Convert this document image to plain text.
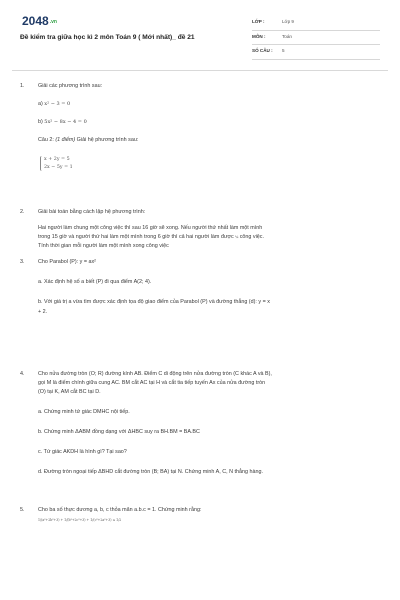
2048.vn
Đề kiểm tra giữa học kì 2 môn Toán 9 ( Mới nhất)_ đề 21
LỚP :	Lớp 9
MÔN :	Toán
SỐ CÂU : 5
1.	Giải các phương trình sau:
a) x² − 3 = 0
b) 5x² − 8x − 4 = 0
Câu 2: (1 điểm) Giải hệ phương trình sau:
x + 2y = 5
2x − 5y = 1
2.	Giải bài toán bằng cách lập hệ phương trình:
Hai người làm chung một công việc thì sau 16 giờ sẽ xong. Nếu người thứ nhất làm một mình
trong 15 giờ và người thứ hai làm một mình trong 6 giờ thì cả hai người làm được ¼ công việc.
Tính thời gian mỗi người làm một mình xong công việc
3.	Cho Parabol (P): y = ax²
a. Xác định hệ số a biết (P) đi qua điểm A(2; 4).
b. Với giá trị a vừa tìm được xác định tọa độ giao điểm của Parabol (P) và đường thẳng (d): y = x
+ 2.
4.	Cho nửa đường tròn (O; R) đường kính AB. Điểm C di động trên nửa đường tròn (C khác A và B),
gọi M là điểm chính giữa cung AC. BM cắt AC tại H và cắt tia tiếp tuyến Ax của nửa đường tròn
(O) tại K, AM cắt BC tại D.
a. Chứng minh tứ giác DMHC nội tiếp.
b. Chứng minh ΔABM đồng dạng với ΔHBC suy ra BH.BM = BA.BC
c. Tứ giác AKDH là hình gì? Tại sao?
d. Đường tròn ngoại tiếp ΔBHD cắt đường tròn (B; BA) tại N. Chứng minh A, C, N thẳng hàng.
5.	Cho ba số thực dương a, b, c thỏa mãn a.b.c = 1. Chứng minh rằng:
1/(a²+2b²+3) + 1/(b²+2c²+3) + 1/(c²+2a²+3) ≤ 1/2
